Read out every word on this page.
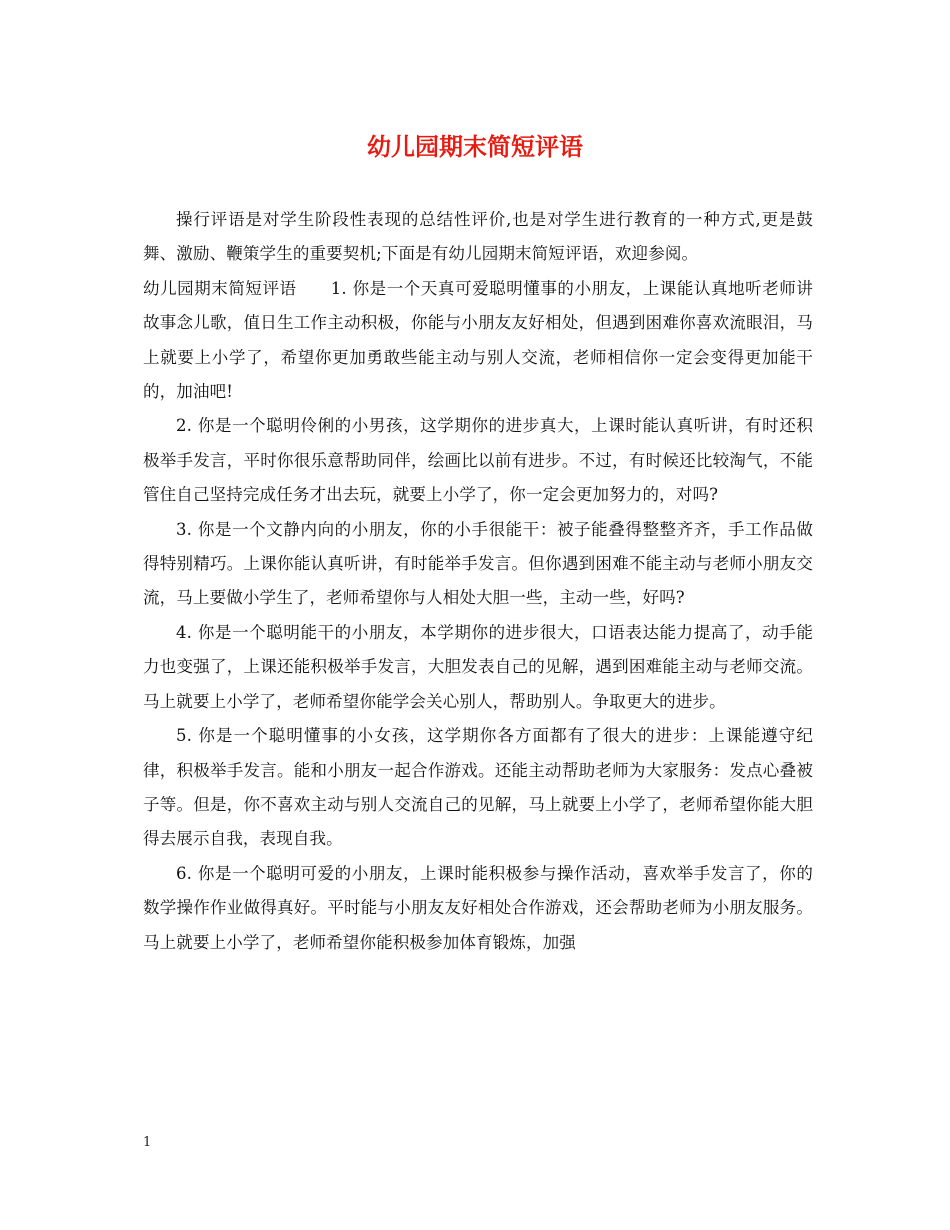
幼儿园期末简短评语

操行评语是对学生阶段性表现的总结性评价,也是对学生进行教育的一种方式,更是鼓舞、激励、鞭策学生的重要契机;下面是有幼儿园期末简短评语，欢迎参阅。

幼儿园期末简短评语　　1. 你是一个天真可爱聪明懂事的小朋友，上课能认真地听老师讲故事念儿歌，值日生工作主动积极，你能与小朋友友好相处，但遇到困难你喜欢流眼泪，马上就要上小学了，希望你更加勇敢些能主动与别人交流，老师相信你一定会变得更加能干的，加油吧!

2. 你是一个聪明伶俐的小男孩，这学期你的进步真大，上课时能认真听讲，有时还积极举手发言，平时你很乐意帮助同伴，绘画比以前有进步。不过，有时候还比较淘气，不能管住自己坚持完成任务才出去玩，就要上小学了，你一定会更加努力的，对吗?

3. 你是一个文静内向的小朋友，你的小手很能干：被子能叠得整整齐齐，手工作品做得特别精巧。上课你能认真听讲，有时能举手发言。但你遇到困难不能主动与老师小朋友交流，马上要做小学生了，老师希望你与人相处大胆一些，主动一些，好吗?

4. 你是一个聪明能干的小朋友，本学期你的进步很大，口语表达能力提高了，动手能力也变强了，上课还能积极举手发言，大胆发表自己的见解，遇到困难能主动与老师交流。马上就要上小学了，老师希望你能学会关心别人，帮助别人。争取更大的进步。

5. 你是一个聪明懂事的小女孩，这学期你各方面都有了很大的进步：上课能遵守纪律，积极举手发言。能和小朋友一起合作游戏。还能主动帮助老师为大家服务：发点心叠被子等。但是，你不喜欢主动与别人交流自己的见解，马上就要上小学了，老师希望你能大胆得去展示自我，表现自我。

6. 你是一个聪明可爱的小朋友，上课时能积极参与操作活动，喜欢举手发言了，你的数学操作作业做得真好。平时能与小朋友友好相处合作游戏，还会帮助老师为小朋友服务。马上就要上小学了，老师希望你能积极参加体育锻炼，加强

1
